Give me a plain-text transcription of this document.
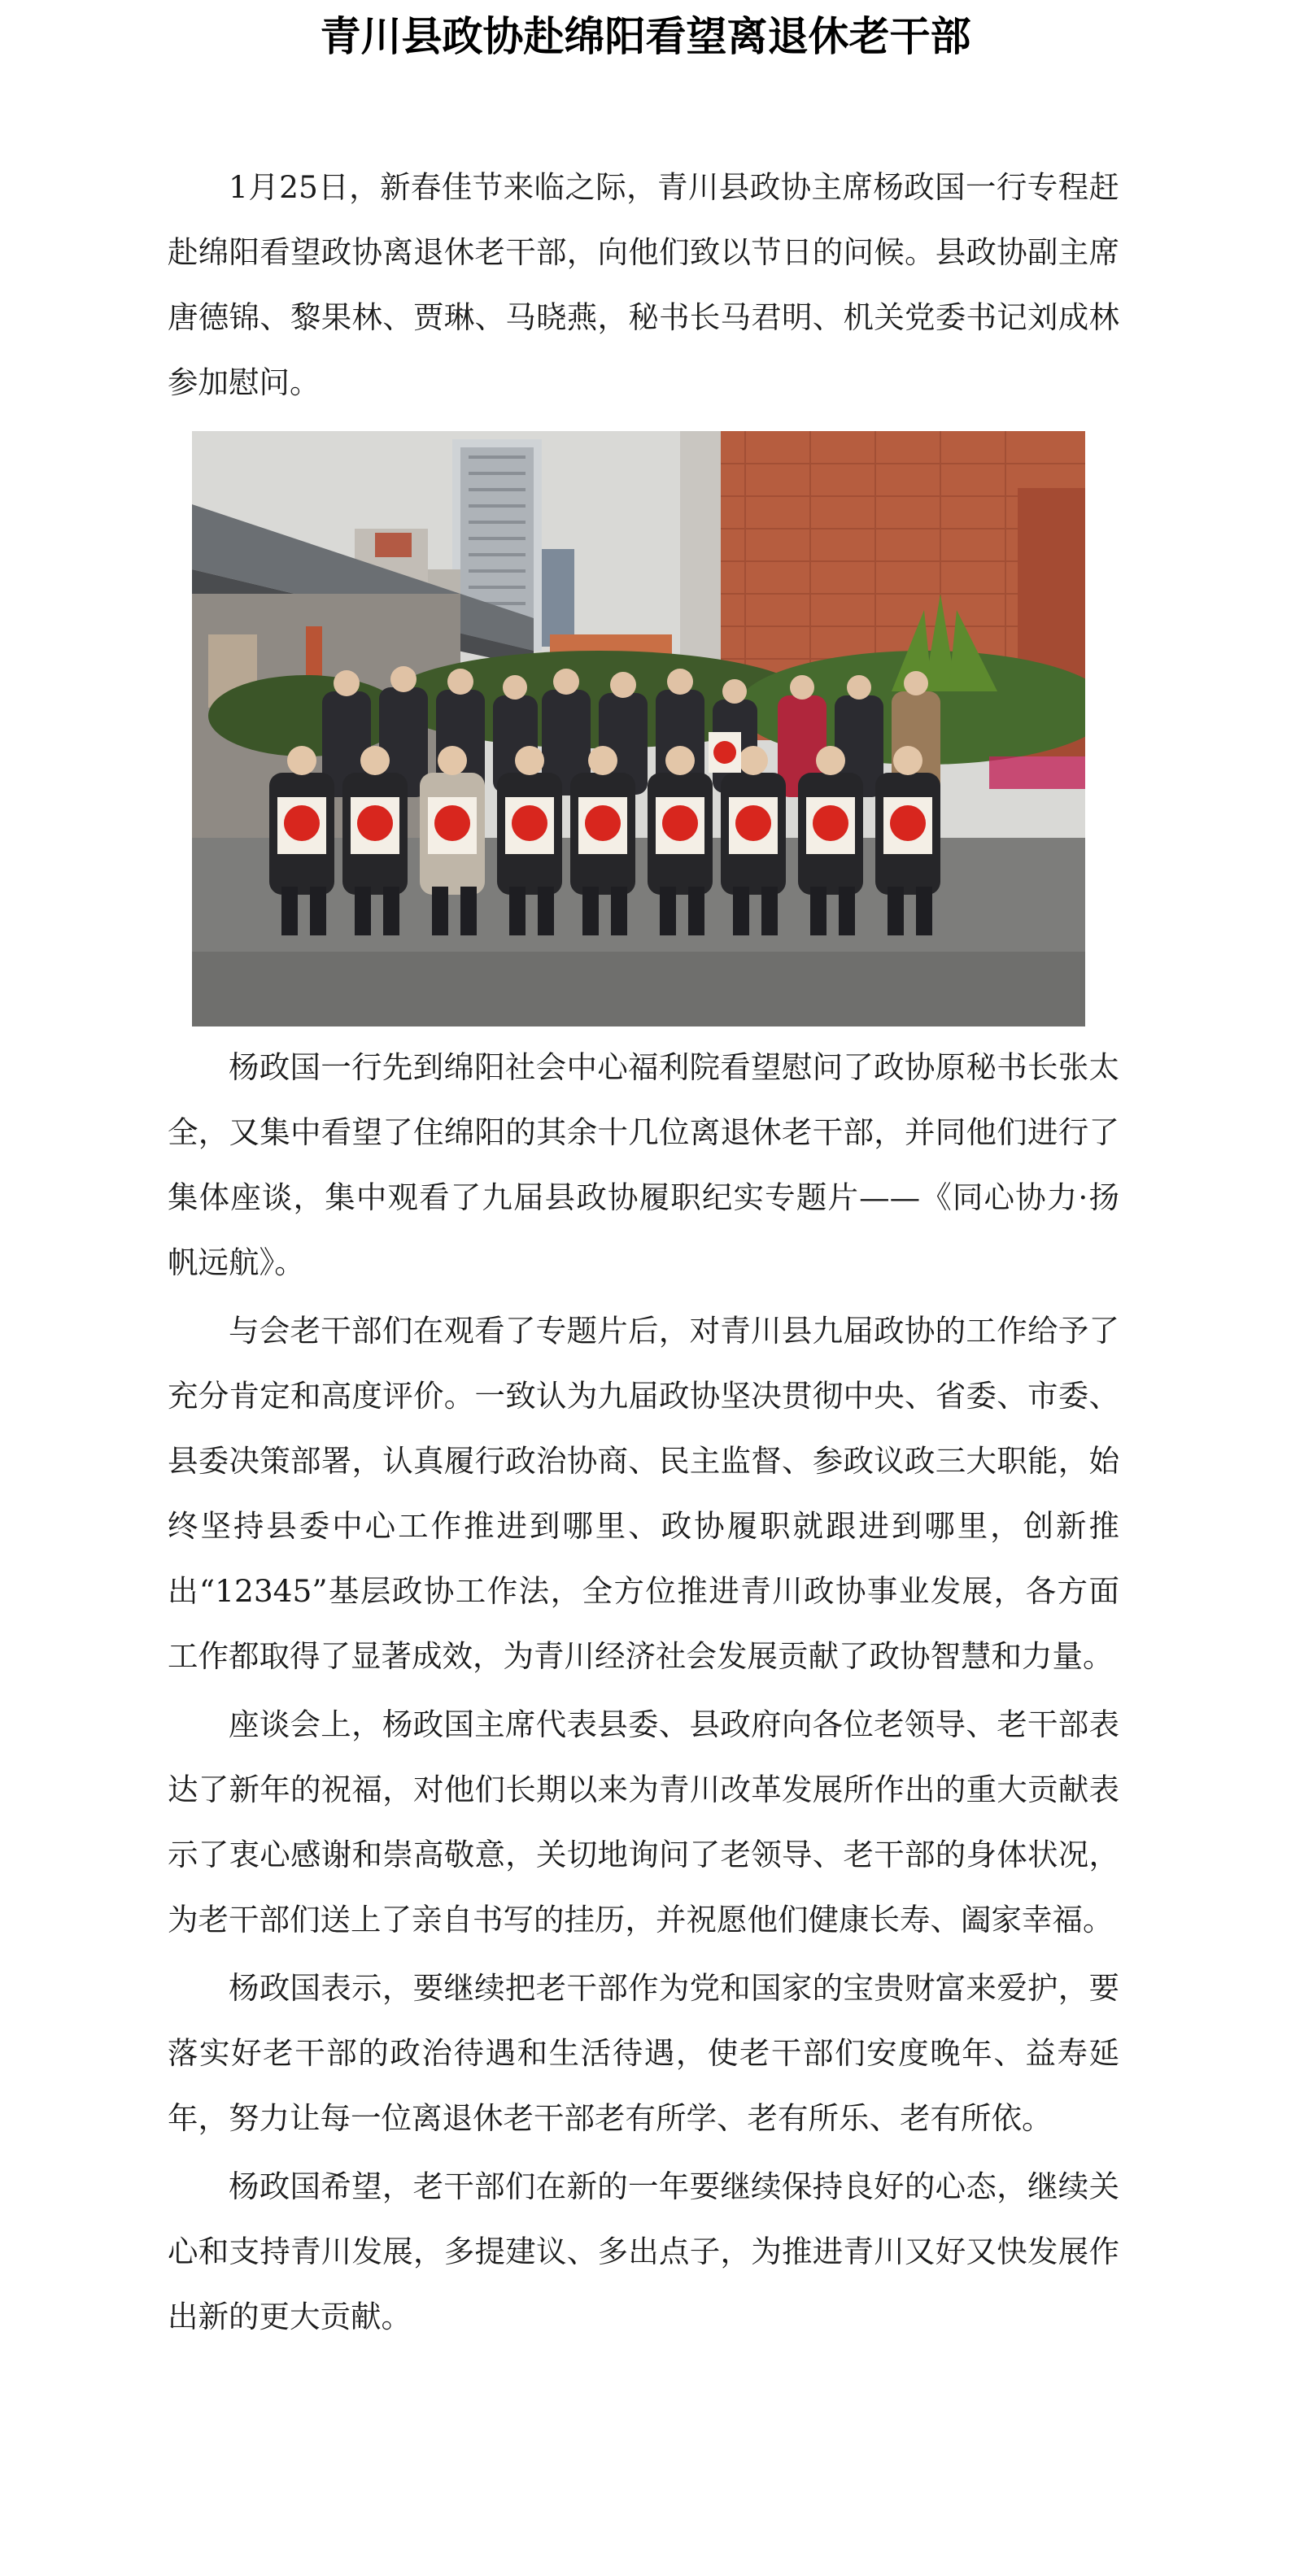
青川县政协赴绵阳看望离退休老干部

1月25日，新春佳节来临之际，青川县政协主席杨政国一行专程赶赴绵阳看望政协离退休老干部，向他们致以节日的问候。县政协副主席唐德锦、黎果林、贾琳、马晓燕，秘书长马君明、机关党委书记刘成林参加慰问。

杨政国一行先到绵阳社会中心福利院看望慰问了政协原秘书长张太全，又集中看望了住绵阳的其余十几位离退休老干部，并同他们进行了集体座谈，集中观看了九届县政协履职纪实专题片——《同心协力·扬帆远航》。

与会老干部们在观看了专题片后，对青川县九届政协的工作给予了充分肯定和高度评价。一致认为九届政协坚决贯彻中央、省委、市委、县委决策部署，认真履行政治协商、民主监督、参政议政三大职能，始终坚持县委中心工作推进到哪里、政协履职就跟进到哪里，创新推出“12345”基层政协工作法，全方位推进青川政协事业发展，各方面工作都取得了显著成效，为青川经济社会发展贡献了政协智慧和力量。

座谈会上，杨政国主席代表县委、县政府向各位老领导、老干部表达了新年的祝福，对他们长期以来为青川改革发展所作出的重大贡献表示了衷心感谢和崇高敬意，关切地询问了老领导、老干部的身体状况，为老干部们送上了亲自书写的挂历，并祝愿他们健康长寿、阖家幸福。

杨政国表示，要继续把老干部作为党和国家的宝贵财富来爱护，要落实好老干部的政治待遇和生活待遇，使老干部们安度晚年、益寿延年，努力让每一位离退休老干部老有所学、老有所乐、老有所依。

杨政国希望，老干部们在新的一年要继续保持良好的心态，继续关心和支持青川发展，多提建议、多出点子，为推进青川又好又快发展作出新的更大贡献。
